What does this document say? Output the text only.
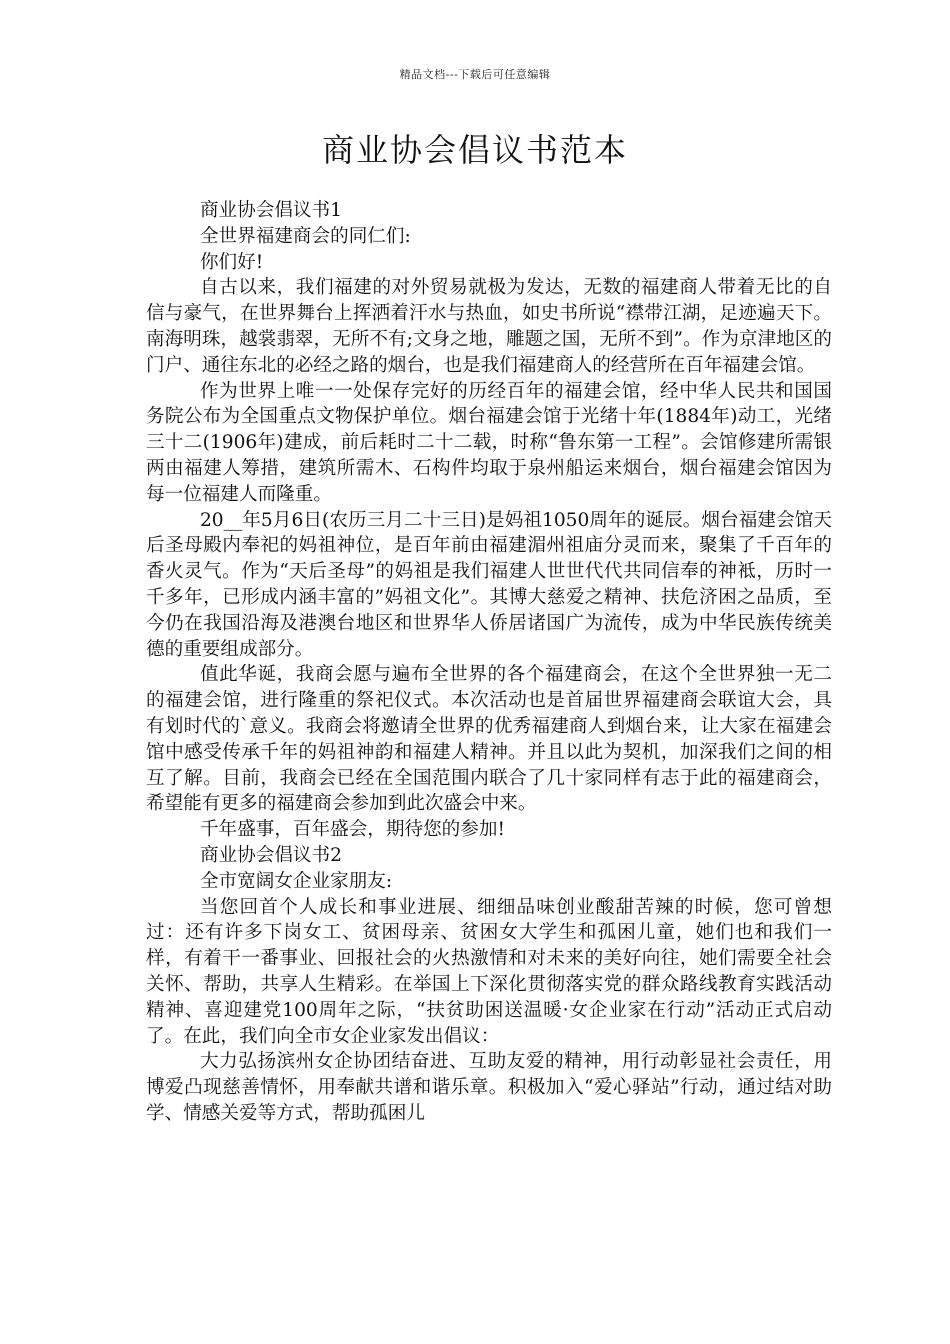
精品文档---下载后可任意编辑
商业协会倡议书范本

商业协会倡议书1

全世界福建商会的同仁们:

你们好!

自古以来，我们福建的对外贸易就极为发达，无数的福建商人带着无比的自信与豪气，在世界舞台上挥洒着汗水与热血，如史书所说“襟带江湖，足迹遍天下。南海明珠，越裳翡翠，无所不有;文身之地，雕题之国，无所不到”。作为京津地区的门户、通往东北的必经之路的烟台，也是我们福建商人的经营所在百年福建会馆。

作为世界上唯一一处保存完好的历经百年的福建会馆，经中华人民共和国国务院公布为全国重点文物保护单位。烟台福建会馆于光绪十年(1884年)动工，光绪三十二(1906年)建成，前后耗时二十二载，时称“鲁东第一工程”。会馆修建所需银两由福建人筹措，建筑所需木、石构件均取于泉州船运来烟台，烟台福建会馆因为每一位福建人而隆重。

20__年5月6日(农历三月二十三日)是妈祖1050周年的诞辰。烟台福建会馆天后圣母殿内奉祀的妈祖神位，是百年前由福建湄州祖庙分灵而来，聚集了千百年的香火灵气。作为“天后圣母”的妈祖是我们福建人世世代代共同信奉的神袛，历时一千多年，已形成内涵丰富的”妈祖文化”。其博大慈爱之精神、扶危济困之品质，至今仍在我国沿海及港澳台地区和世界华人侨居诸国广为流传，成为中华民族传统美德的重要组成部分。

值此华诞，我商会愿与遍布全世界的各个福建商会，在这个全世界独一无二的福建会馆，进行隆重的祭祀仪式。本次活动也是首届世界福建商会联谊大会，具有划时代的`意义。我商会将邀请全世界的优秀福建商人到烟台来，让大家在福建会馆中感受传承千年的妈祖神韵和福建人精神。并且以此为契机，加深我们之间的相互了解。目前，我商会已经在全国范围内联合了几十家同样有志于此的福建商会，希望能有更多的福建商会参加到此次盛会中来。

千年盛事，百年盛会，期待您的参加!

商业协会倡议书2

全市宽阔女企业家朋友:

当您回首个人成长和事业进展、细细品味创业酸甜苦辣的时候，您可曾想过：还有许多下岗女工、贫困母亲、贫困女大学生和孤困儿童，她们也和我们一样，有着干一番事业、回报社会的火热激情和对未来的美好向往，她们需要全社会关怀、帮助，共享人生精彩。在举国上下深化贯彻落实党的群众路线教育实践活动精神、喜迎建党100周年之际，“扶贫助困送温暖·女企业家在行动”活动正式启动了。在此，我们向全市女企业家发出倡议：

大力弘扬滨州女企协团结奋进、互助友爱的精神，用行动彰显社会责任，用博爱凸现慈善情怀，用奉献共谱和谐乐章。积极加入“爱心驿站”行动，通过结对助学、情感关爱等方式，帮助孤困儿
